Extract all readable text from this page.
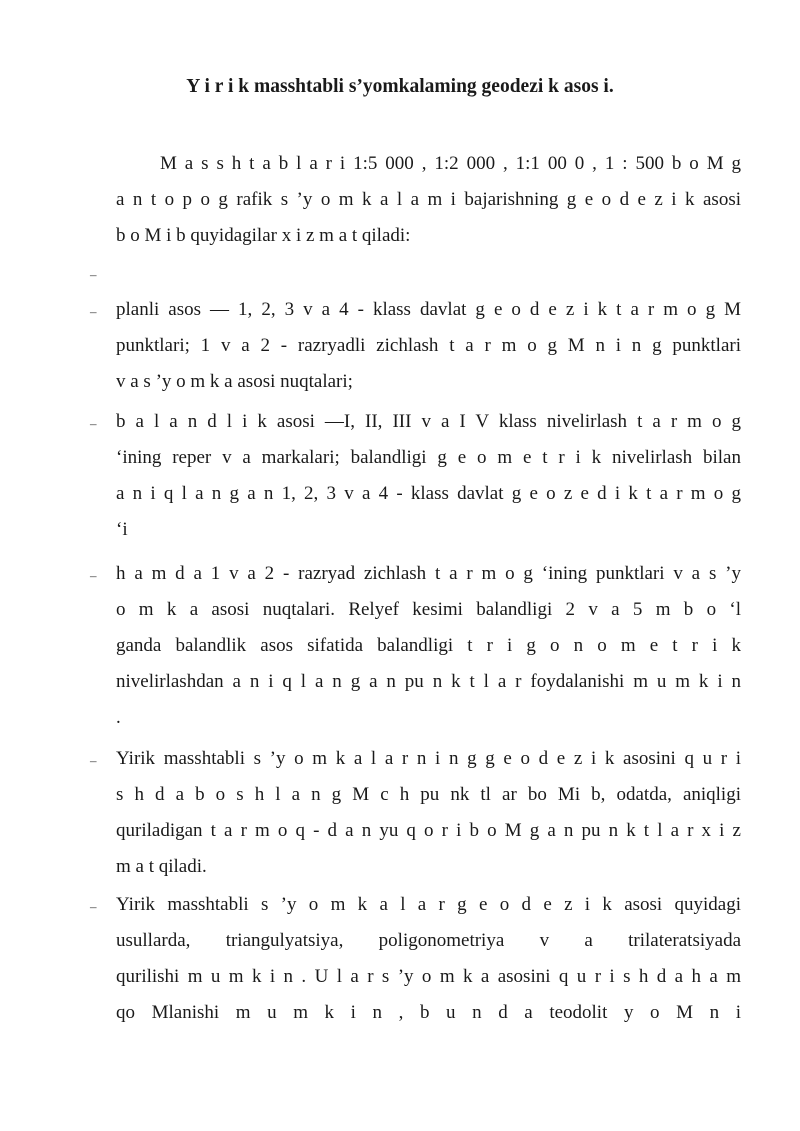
Y i r i k masshtabli s’yomkalaming geodezi k asos i.
M a s s h t a b l a r i 1:5 000 , 1:2 000 , 1:1 00 0 , 1 : 500 b o M g
a n t o p o g rafik s ’y o m k a l a m i bajarishning g e o d e z i k asosi
b o M i b quyidagilar x i z m a t qiladi:
–
– planli asos — 1, 2, 3 v a 4 - klass davlat g e o d e z i k t a r m o g M
punktlari; 1 v a 2 - razryadli zichlash t a r m o g M n i n g punktlari
v a s ’y o m k a asosi nuqtalari;
– b a l a n d l i k asosi —I, II, III v a I V klass nivelirlash t a r m o g
‘ining reper v a markalari; balandligi g e o m e t r i k nivelirlash bilan
a n i q l a n g a n 1, 2, 3 v a 4 - klass davlat g e o z e d i k t a r m o g
‘i
– h a m d a 1 v a 2 - razryad zichlash t a r m o g ‘ining punktlari v a s ’y
o m k a asosi nuqtalari. Relyef kesimi balandligi 2 v a 5 m b o ‘l
ganda balandlik asos sifatida balandligi t r i g o n o m e t r i k
nivelirlashdan a n i q l a n g a n pu n k t l a r foydalanishi m u m k i n
.
– Yirik masshtabli s ’y o m k a l a r n i n g g e o d e z i k asosini q u r i
s h d a b o s h l a n g M c h pu nk tl ar bo Mi b, odatda, aniqligi
quriladigan t a r m o q - d a n yu q o r i b o M g a n pu n k t l a r x i z
m a t qiladi.
– Yirik masshtabli s ’y o m k a l a r g e o d e z i k asosi quyidagi
usullarda, triangulyatsiya, poligonometriya v a trilateratsiyada
qurilishi m u m k i n . U l a r s ’y o m k a asosini q u r i s h d a h a m
qo Mlanishi m u m k i n , b u n d a teodolit y o M n i
